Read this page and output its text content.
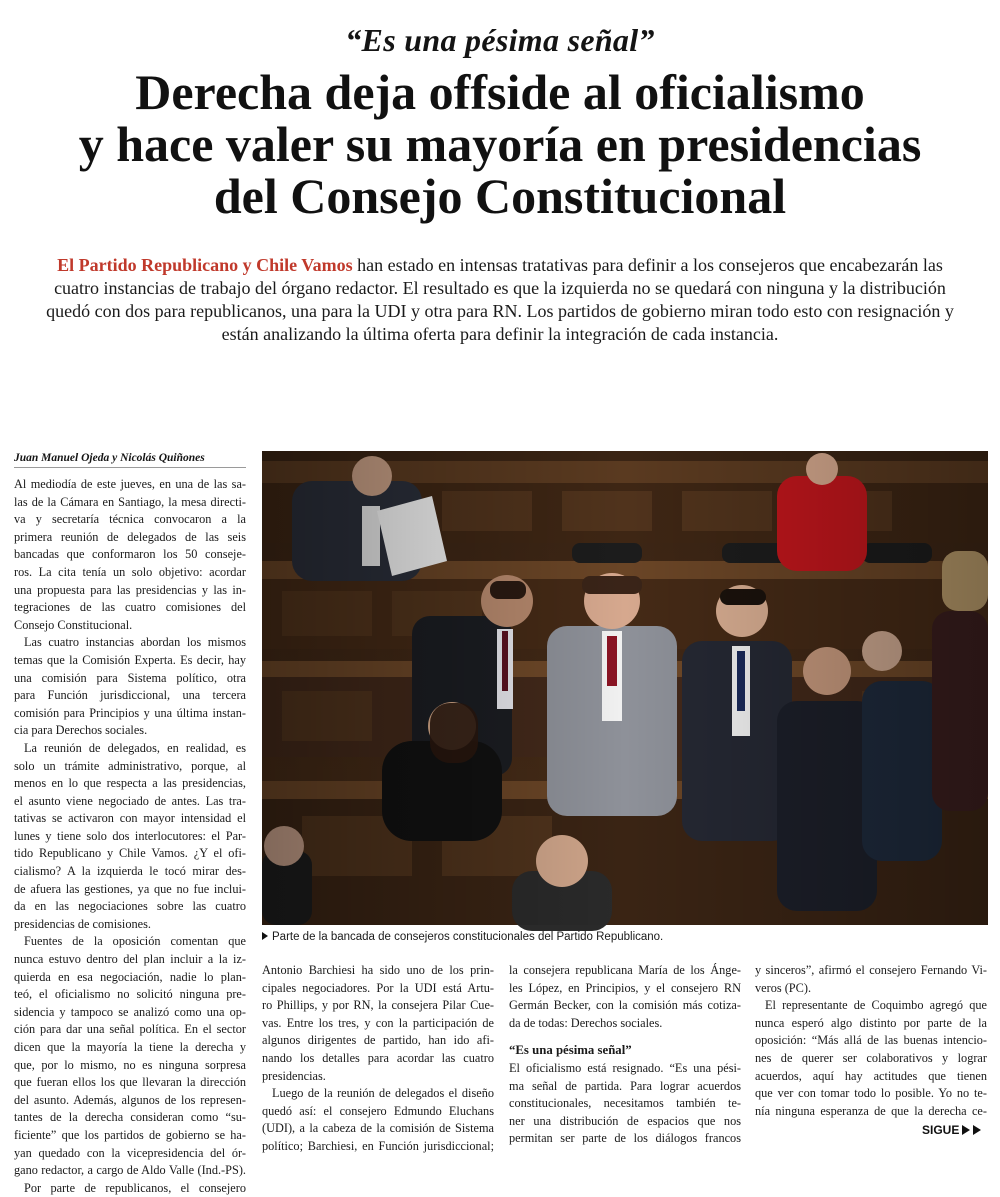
“Es una pésima señal”
Derecha deja offside al oficialismo
y hace valer su mayoría en presidencias
del Consejo Constitucional
El Partido Republicano y Chile Vamos han estado en intensas tratativas para definir a los consejeros que encabezarán las
cuatro instancias de trabajo del órgano redactor. El resultado es que la izquierda no se quedará con ninguna y la distribución
quedó con dos para republicanos, una para la UDI y otra para RN. Los partidos de gobierno miran todo esto con resignación y
están analizando la última oferta para definir la integración de cada instancia.
Juan Manuel Ojeda y Nicolás Quiñones
Al mediodía de este jueves, en una de las sa-
las de la Cámara en Santiago, la mesa directi-
va y secretaría técnica convocaron a la
primera reunión de delegados de las seis
bancadas que conformaron los 50 conseje-
ros. La cita tenía un solo objetivo: acordar
una propuesta para las presidencias y las in-
tegraciones de las cuatro comisiones del
Consejo Constitucional.
Las cuatro instancias abordan los mismos
temas que la Comisión Experta. Es decir, hay
una comisión para Sistema político, otra
para Función jurisdiccional, una tercera
comisión para Principios y una última instan-
cia para Derechos sociales.
La reunión de delegados, en realidad, es
solo un trámite administrativo, porque, al
menos en lo que respecta a las presidencias,
el asunto viene negociado de antes. Las tra-
tativas se activaron con mayor intensidad el
lunes y tiene solo dos interlocutores: el Par-
tido Republicano y Chile Vamos. ¿Y el ofi-
cialismo? A la izquierda le tocó mirar des-
de afuera las gestiones, ya que no fue inclui-
da en las negociaciones sobre las cuatro
presidencias de comisiones.
Fuentes de la oposición comentan que
nunca estuvo dentro del plan incluir a la iz-
quierda en esa negociación, nadie lo plan-
teó, el oficialismo no solicitó ninguna pre-
sidencia y tampoco se analizó como una op-
ción para dar una señal política. En el sector
dicen que la mayoría la tiene la derecha y
que, por lo mismo, no es ninguna sorpresa
que fueran ellos los que llevaran la dirección
del asunto. Además, algunos de los represen-
tantes de la derecha consideran como “su-
ficiente” que los partidos de gobierno se ha-
yan quedado con la vicepresidencia del ór-
gano redactor, a cargo de Aldo Valle (Ind.-PS).
Por parte de republicanos, el consejero
Parte de la bancada de consejeros constitucionales del Partido Republicano.
Antonio Barchiesi ha sido uno de los prin-
cipales negociadores. Por la UDI está Artu-
ro Phillips, y por RN, la consejera Pilar Cue-
vas. Entre los tres, y con la participación de
algunos dirigentes de partido, han ido afi-
nando los detalles para acordar las cuatro
presidencias.
Luego de la reunión de delegados el diseño
quedó así: el consejero Edmundo Eluchans
(UDI), a la cabeza de la comisión de Sistema
político; Barchiesi, en Función jurisdiccional;
la consejera republicana María de los Ánge-
les López, en Principios, y el consejero RN
Germán Becker, con la comisión más cotiza-
da de todas: Derechos sociales.
“Es una pésima señal”
El oficialismo está resignado. “Es una pési-
ma señal de partida. Para lograr acuerdos
constitucionales, necesitamos también te-
ner una distribución de espacios que nos
permitan ser parte de los diálogos francos
y sinceros”, afirmó el consejero Fernando Vi-
veros (PC).
El representante de Coquimbo agregó que
nunca esperó algo distinto por parte de la
oposición: “Más allá de las buenas intencio-
nes de querer ser colaborativos y lograr
acuerdos, aquí hay actitudes que tienen
que ver con tomar todo lo posible. Yo no te-
nía ninguna esperanza de que la derecha ce-
SIGUE
